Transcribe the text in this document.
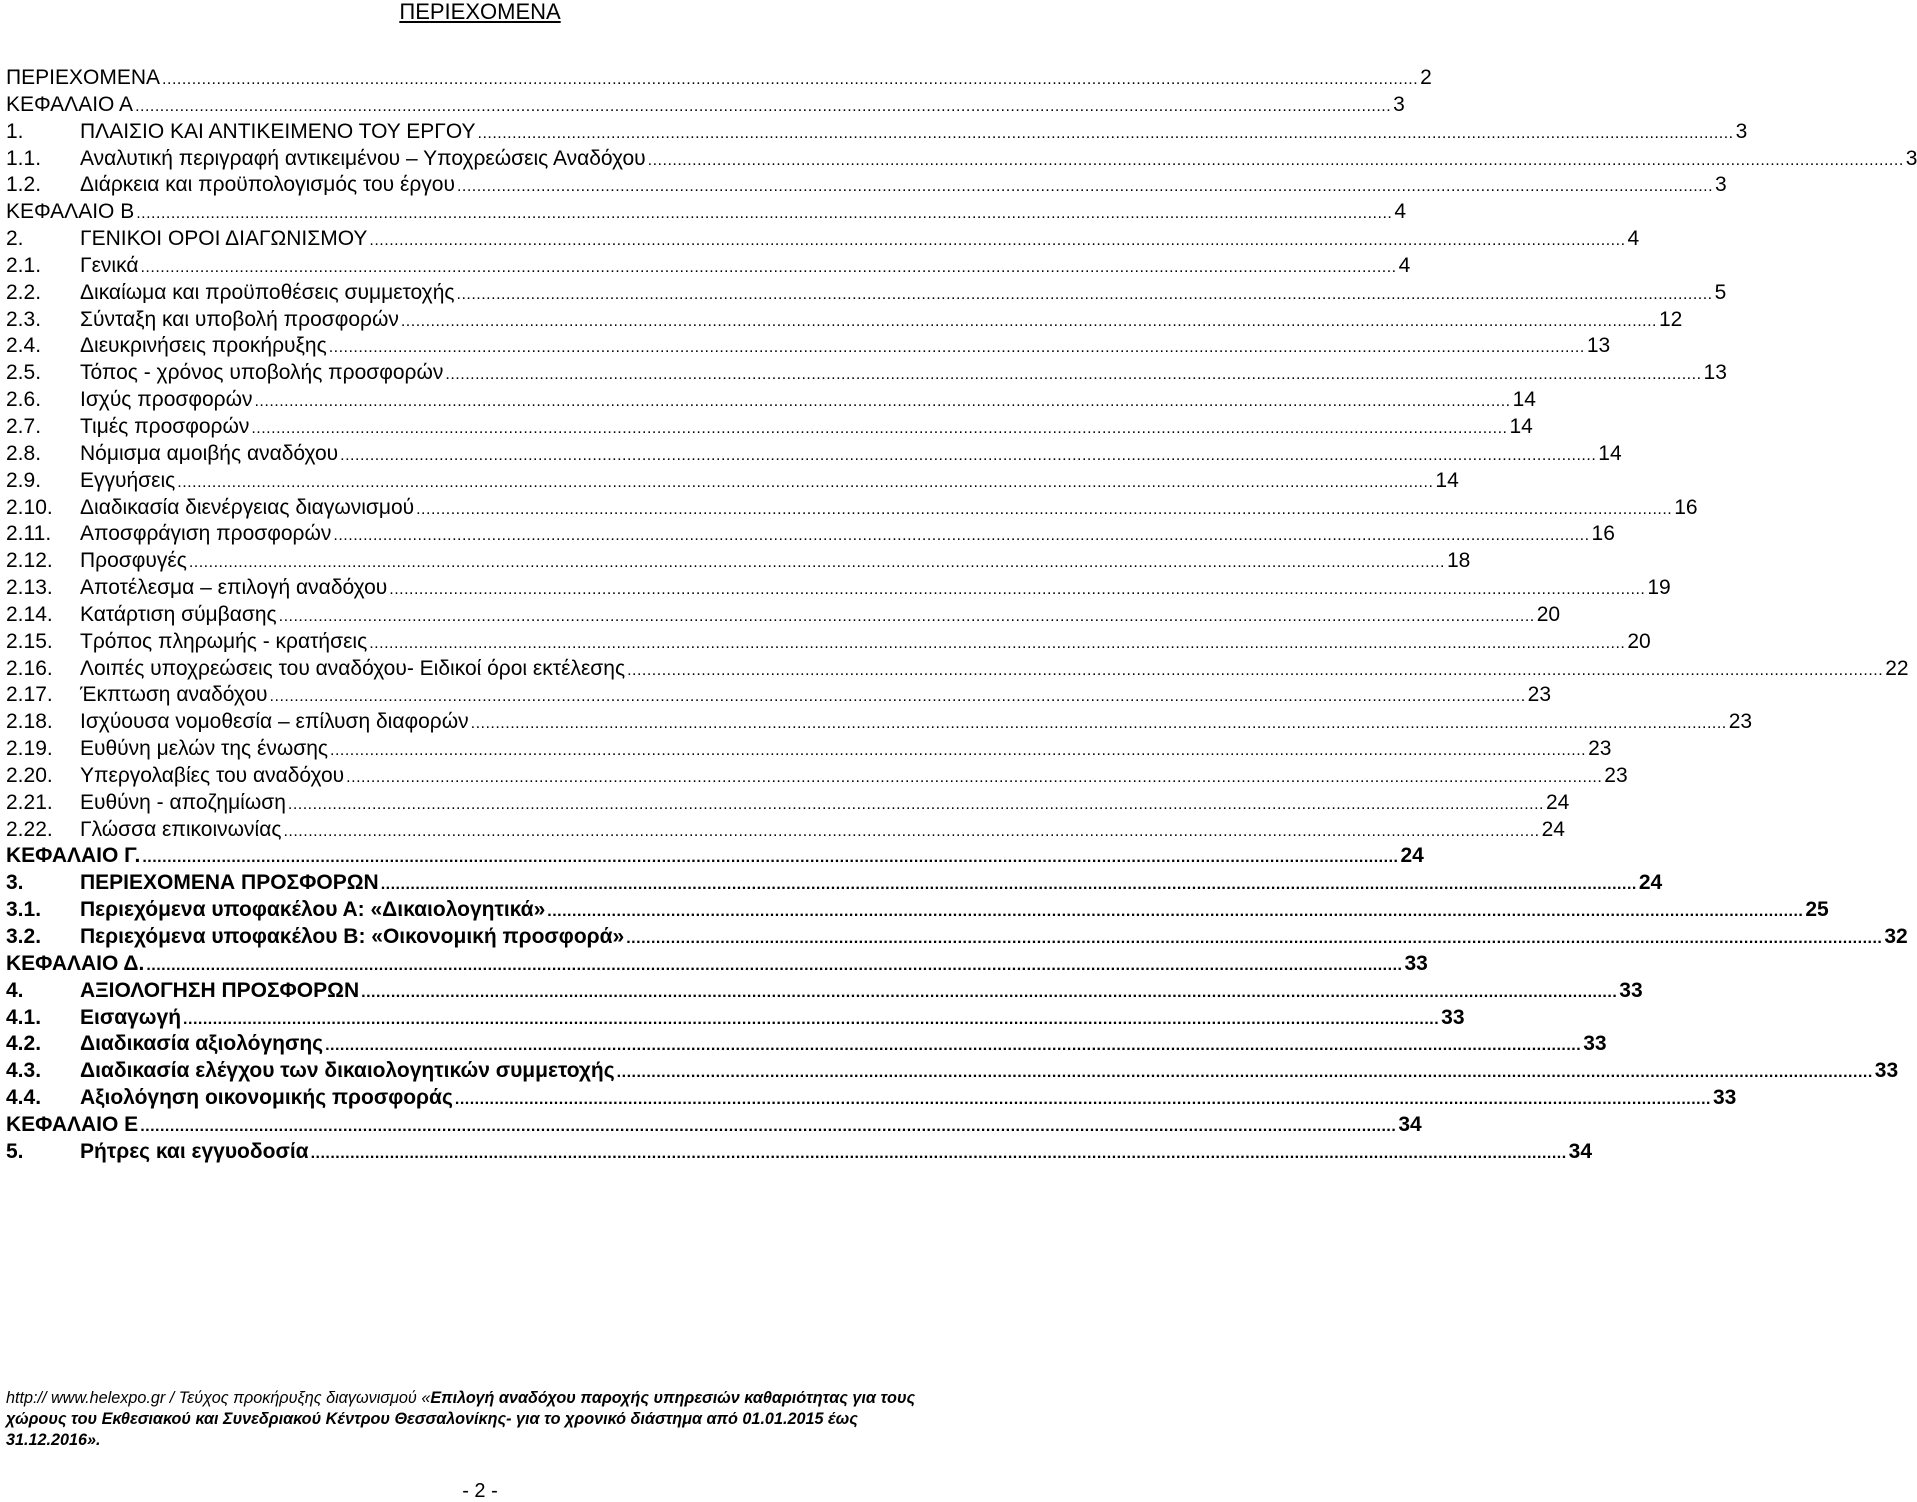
ΠΕΡΙΕΧΟΜΕΝΑ
ΠΕΡΙΕΧΟΜΕΝΑ .....	2
ΚΕΦΑΛΑΙΟ Α .....	3
1.	ΠΛΑΙΣΙΟ ΚΑΙ ΑΝΤΙΚΕΙΜΕΝΟ ΤΟΥ ΕΡΓΟΥ .....	3
1.1.	Αναλυτική περιγραφή αντικειμένου – Υποχρεώσεις Αναδόχου .....	3
1.2.	Διάρκεια και προϋπολογισμός του έργου .....	3
ΚΕΦΑΛΑΙΟ Β .....	4
2.	ΓΕΝΙΚΟΙ ΟΡΟΙ ΔΙΑΓΩΝΙΣΜΟΥ .....	4
2.1.	Γενικά .....	4
2.2.	Δικαίωμα και προϋποθέσεις συμμετοχής .....	5
2.3.	Σύνταξη και υποβολή προσφορών .....	12
2.4.	Διευκρινήσεις προκήρυξης .....	13
2.5.	Τόπος - χρόνος υποβολής προσφορών .....	13
2.6.	Ισχύς προσφορών .....	14
2.7.	Τιμές προσφορών .....	14
2.8.	Νόμισμα αμοιβής αναδόχου .....	14
2.9.	Εγγυήσεις .....	14
2.10.	Διαδικασία διενέργειας διαγωνισμού .....	16
2.11.	Αποσφράγιση προσφορών .....	16
2.12.	Προσφυγές .....	18
2.13.	Αποτέλεσμα – επιλογή αναδόχου .....	19
2.14.	Κατάρτιση σύμβασης .....	20
2.15.	Τρόπος πληρωμής - κρατήσεις .....	20
2.16.	Λοιπές υποχρεώσεις του αναδόχου- Ειδικοί όροι εκτέλεσης .....	22
2.17.	Έκπτωση αναδόχου .....	23
2.18.	Ισχύουσα νομοθεσία – επίλυση διαφορών .....	23
2.19.	Ευθύνη μελών της ένωσης .....	23
2.20.	Υπεργολαβίες του αναδόχου .....	23
2.21.	Ευθύνη - αποζημίωση .....	24
2.22.	Γλώσσα επικοινωνίας .....	24
ΚΕΦΑΛΑΙΟ Γ. .....	24
3.	ΠΕΡΙΕΧΟΜΕΝΑ ΠΡΟΣΦΟΡΩΝ .....	24
3.1.	Περιεχόμενα υποφακέλου Α: «Δικαιολογητικά» .....	25
3.2.	Περιεχόμενα υποφακέλου Β: «Οικονομική προσφορά» .....	32
ΚΕΦΑΛΑΙΟ Δ. .....	33
4.	ΑΞΙΟΛΟΓΗΣΗ ΠΡΟΣΦΟΡΩΝ .....	33
4.1.	Εισαγωγή .....	33
4.2.	Διαδικασία αξιολόγησης .....	33
4.3.	Διαδικασία ελέγχου των δικαιολογητικών συμμετοχής .....	33
4.4.	Αξιολόγηση οικονομικής προσφοράς .....	33
ΚΕΦΑΛΑΙΟ Ε .....	34
5.	Ρήτρες και εγγυοδοσία .....	34
http:// www.helexpo.gr / Τεύχος προκήρυξης διαγωνισμού «Επιλογή αναδόχου παροχής υπηρεσιών καθαριότητας για τους χώρους του Εκθεσιακού και Συνεδριακού Κέντρου Θεσσαλονίκης- για το χρονικό διάστημα από 01.01.2015 έως 31.12.2016».
- 2 -
